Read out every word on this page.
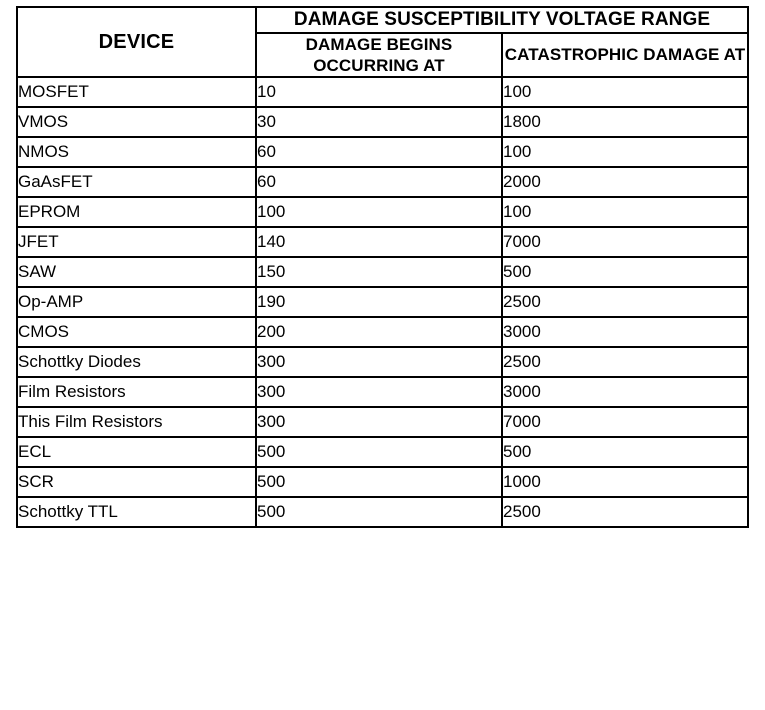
DEVICE	DAMAGE SUSCEPTIBILITY VOLTAGE RANGE	
	DAMAGE BEGINS OCCURRING AT	CATASTROPHIC DAMAGE AT
MOSFET	10	100
VMOS	30	1800
NMOS	60	100
GaAsFET	60	2000
EPROM	100	100
JFET	140	7000
SAW	150	500
Op-AMP	190	2500
CMOS	200	3000
Schottky Diodes	300	2500
Film Resistors	300	3000
This Film Resistors	300	7000
ECL	500	500
SCR	500	1000
Schottky TTL	500	2500
